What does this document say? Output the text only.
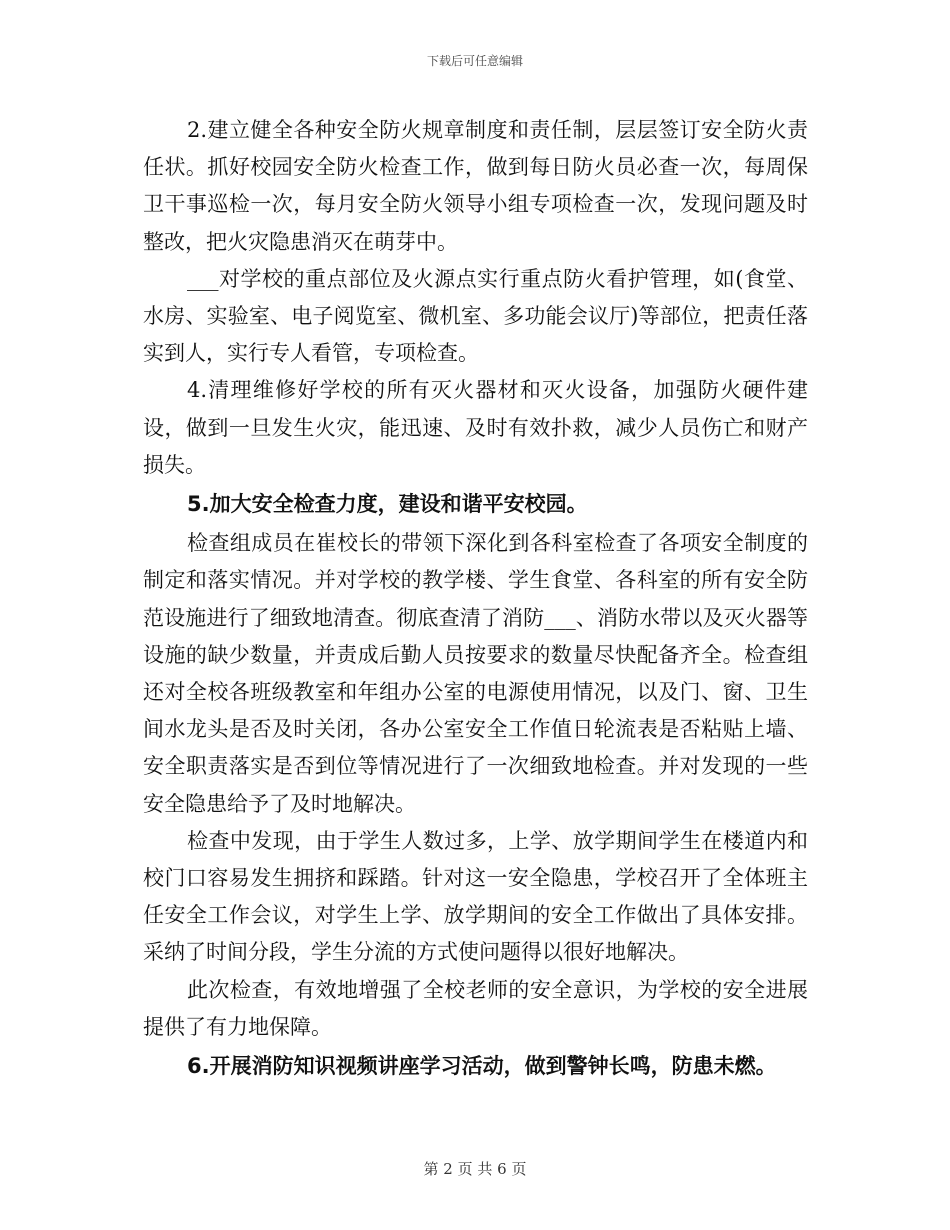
下载后可任意编辑

2.建立健全各种安全防火规章制度和责任制，层层签订安全防火责任状。抓好校园安全防火检查工作，做到每日防火员必查一次，每周保卫干事巡检一次，每月安全防火领导小组专项检查一次，发现问题及时整改，把火灾隐患消灭在萌芽中。

___对学校的重点部位及火源点实行重点防火看护管理，如(食堂、水房、实验室、电子阅览室、微机室、多功能会议厅)等部位，把责任落实到人，实行专人看管，专项检查。

4.清理维修好学校的所有灭火器材和灭火设备，加强防火硬件建设，做到一旦发生火灾，能迅速、及时有效扑救，减少人员伤亡和财产损失。

5.加大安全检查力度，建设和谐平安校园。

检查组成员在崔校长的带领下深化到各科室检查了各项安全制度的制定和落实情况。并对学校的教学楼、学生食堂、各科室的所有安全防范设施进行了细致地清查。彻底查清了消防___、消防水带以及灭火器等设施的缺少数量，并责成后勤人员按要求的数量尽快配备齐全。检查组还对全校各班级教室和年组办公室的电源使用情况，以及门、窗、卫生间水龙头是否及时关闭，各办公室安全工作值日轮流表是否粘贴上墙、安全职责落实是否到位等情况进行了一次细致地检查。并对发现的一些安全隐患给予了及时地解决。

检查中发现，由于学生人数过多，上学、放学期间学生在楼道内和校门口容易发生拥挤和踩踏。针对这一安全隐患，学校召开了全体班主任安全工作会议，对学生上学、放学期间的安全工作做出了具体安排。采纳了时间分段，学生分流的方式使问题得以很好地解决。

此次检查，有效地增强了全校老师的安全意识，为学校的安全进展提供了有力地保障。

6.开展消防知识视频讲座学习活动，做到警钟长鸣，防患未燃。

第 2 页 共 6 页
